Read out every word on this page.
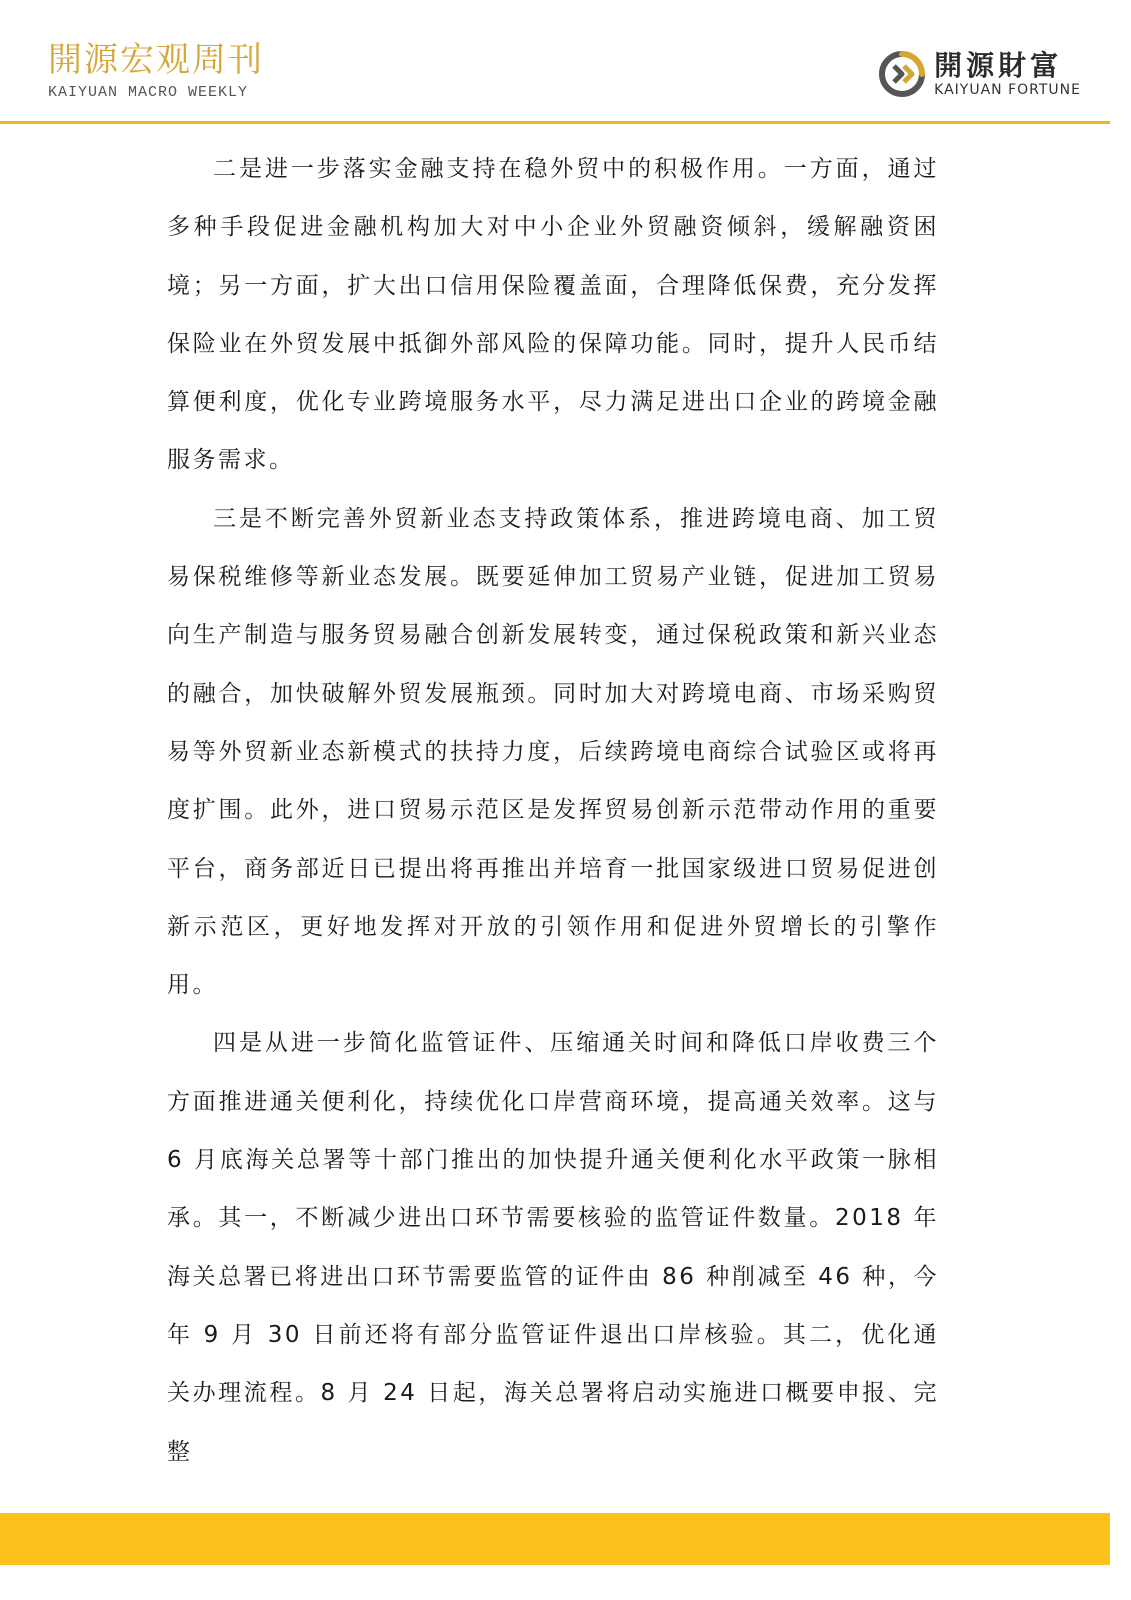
開源宏观周刊
KAIYUAN MACRO WEEKLY
開源財富
KAIYUAN FORTUNE

二是进一步落实金融支持在稳外贸中的积极作用。一方面，通过多种手段促进金融机构加大对中小企业外贸融资倾斜，缓解融资困境；另一方面，扩大出口信用保险覆盖面，合理降低保费，充分发挥保险业在外贸发展中抵御外部风险的保障功能。同时，提升人民币结算便利度，优化专业跨境服务水平，尽力满足进出口企业的跨境金融服务需求。

三是不断完善外贸新业态支持政策体系，推进跨境电商、加工贸易保税维修等新业态发展。既要延伸加工贸易产业链，促进加工贸易向生产制造与服务贸易融合创新发展转变，通过保税政策和新兴业态的融合，加快破解外贸发展瓶颈。同时加大对跨境电商、市场采购贸易等外贸新业态新模式的扶持力度，后续跨境电商综合试验区或将再度扩围。此外，进口贸易示范区是发挥贸易创新示范带动作用的重要平台，商务部近日已提出将再推出并培育一批国家级进口贸易促进创新示范区，更好地发挥对开放的引领作用和促进外贸增长的引擎作用。

四是从进一步简化监管证件、压缩通关时间和降低口岸收费三个方面推进通关便利化，持续优化口岸营商环境，提高通关效率。这与6 月底海关总署等十部门推出的加快提升通关便利化水平政策一脉相承。其一，不断减少进出口环节需要核验的监管证件数量。2018 年海关总署已将进出口环节需要监管的证件由 86 种削减至 46 种，今年 9 月 30 日前还将有部分监管证件退出口岸核验。其二，优化通关办理流程。8 月 24 日起，海关总署将启动实施进口概要申报、完整
